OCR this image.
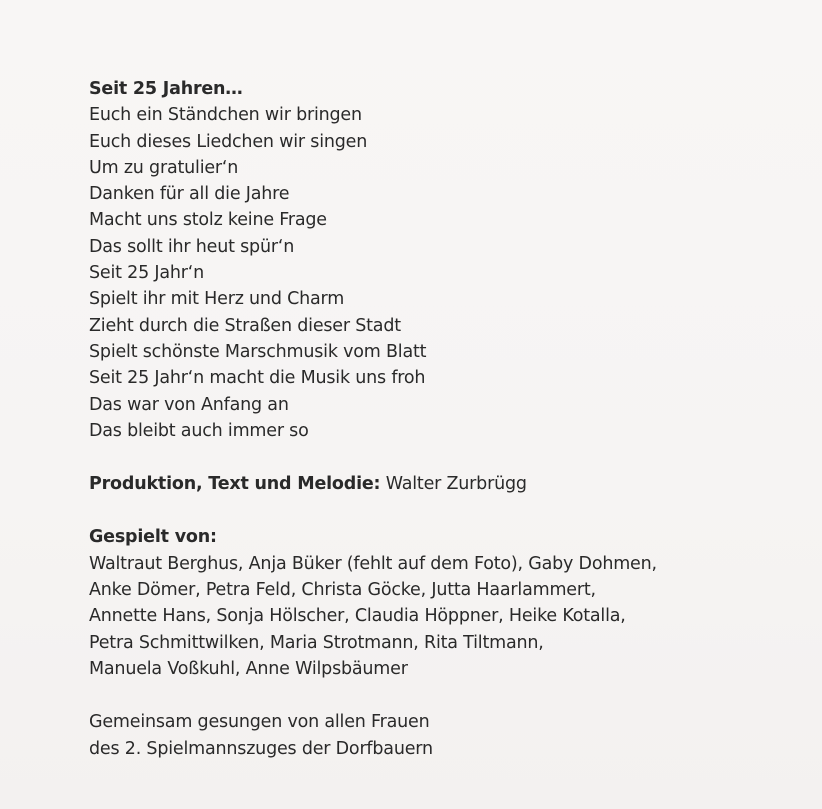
Seit 25 Jahren…
Euch ein Ständchen wir bringen
Euch dieses Liedchen wir singen
Um zu gratulier‘n
Danken für all die Jahre
Macht uns stolz keine Frage
Das sollt ihr heut spür‘n
Seit 25 Jahr‘n
Spielt ihr mit Herz und Charm
Zieht durch die Straßen dieser Stadt
Spielt schönste Marschmusik vom Blatt
Seit 25 Jahr‘n macht die Musik uns froh
Das war von Anfang an
Das bleibt auch immer so
Produktion, Text und Melodie: Walter Zurbrügg
Gespielt von:
Waltraut Berghus, Anja Büker (fehlt auf dem Foto), Gaby Dohmen,
Anke Dömer, Petra Feld, Christa Göcke, Jutta Haarlammert,
Annette Hans, Sonja Hölscher, Claudia Höppner, Heike Kotalla,
Petra Schmittwilken, Maria Strotmann, Rita Tiltmann,
Manuela Voßkuhl, Anne Wilpsbäumer
Gemeinsam gesungen von allen Frauen
des 2. Spielmannszuges der Dorfbauern
